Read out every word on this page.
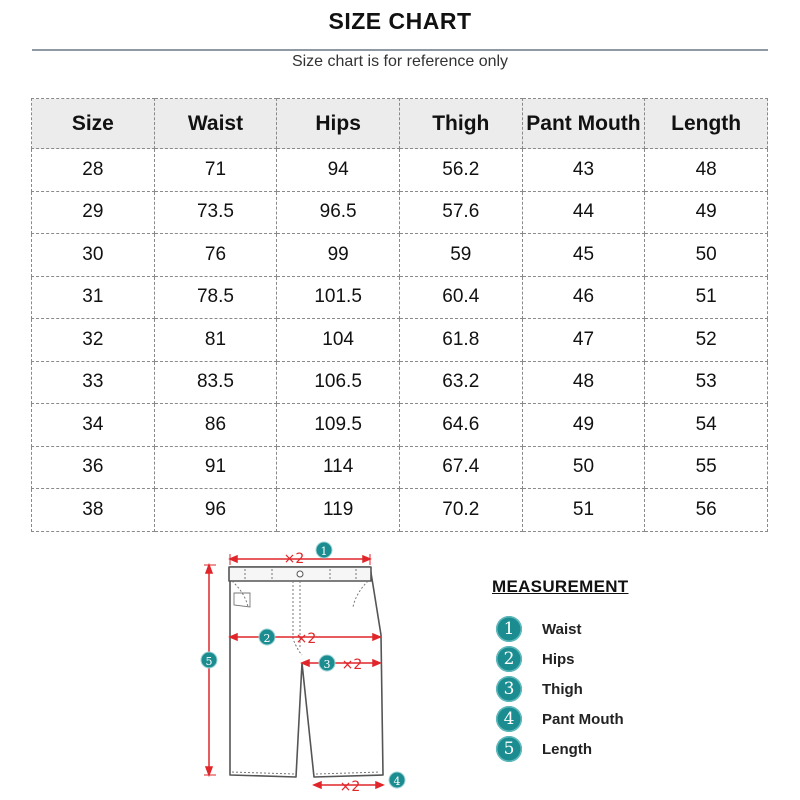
SIZE CHART
Size chart is for reference only
Size	Waist	Hips	Thigh	Pant Mouth	Length
28	71	94	56.2	43	48
29	73.5	96.5	57.6	44	49
30	76	99	59	45	50
31	78.5	101.5	60.4	46	51
32	81	104	61.8	47	52
33	83.5	106.5	63.2	48	53
34	86	109.5	64.6	49	54
36	91	114	67.4	50	55
38	96	119	70.2	51	56
×2
×2
×2
×2
1
2
3
4
5
MEASUREMENT
1	Waist
2	Hips
3	Thigh
4	Pant Mouth
5	Length
